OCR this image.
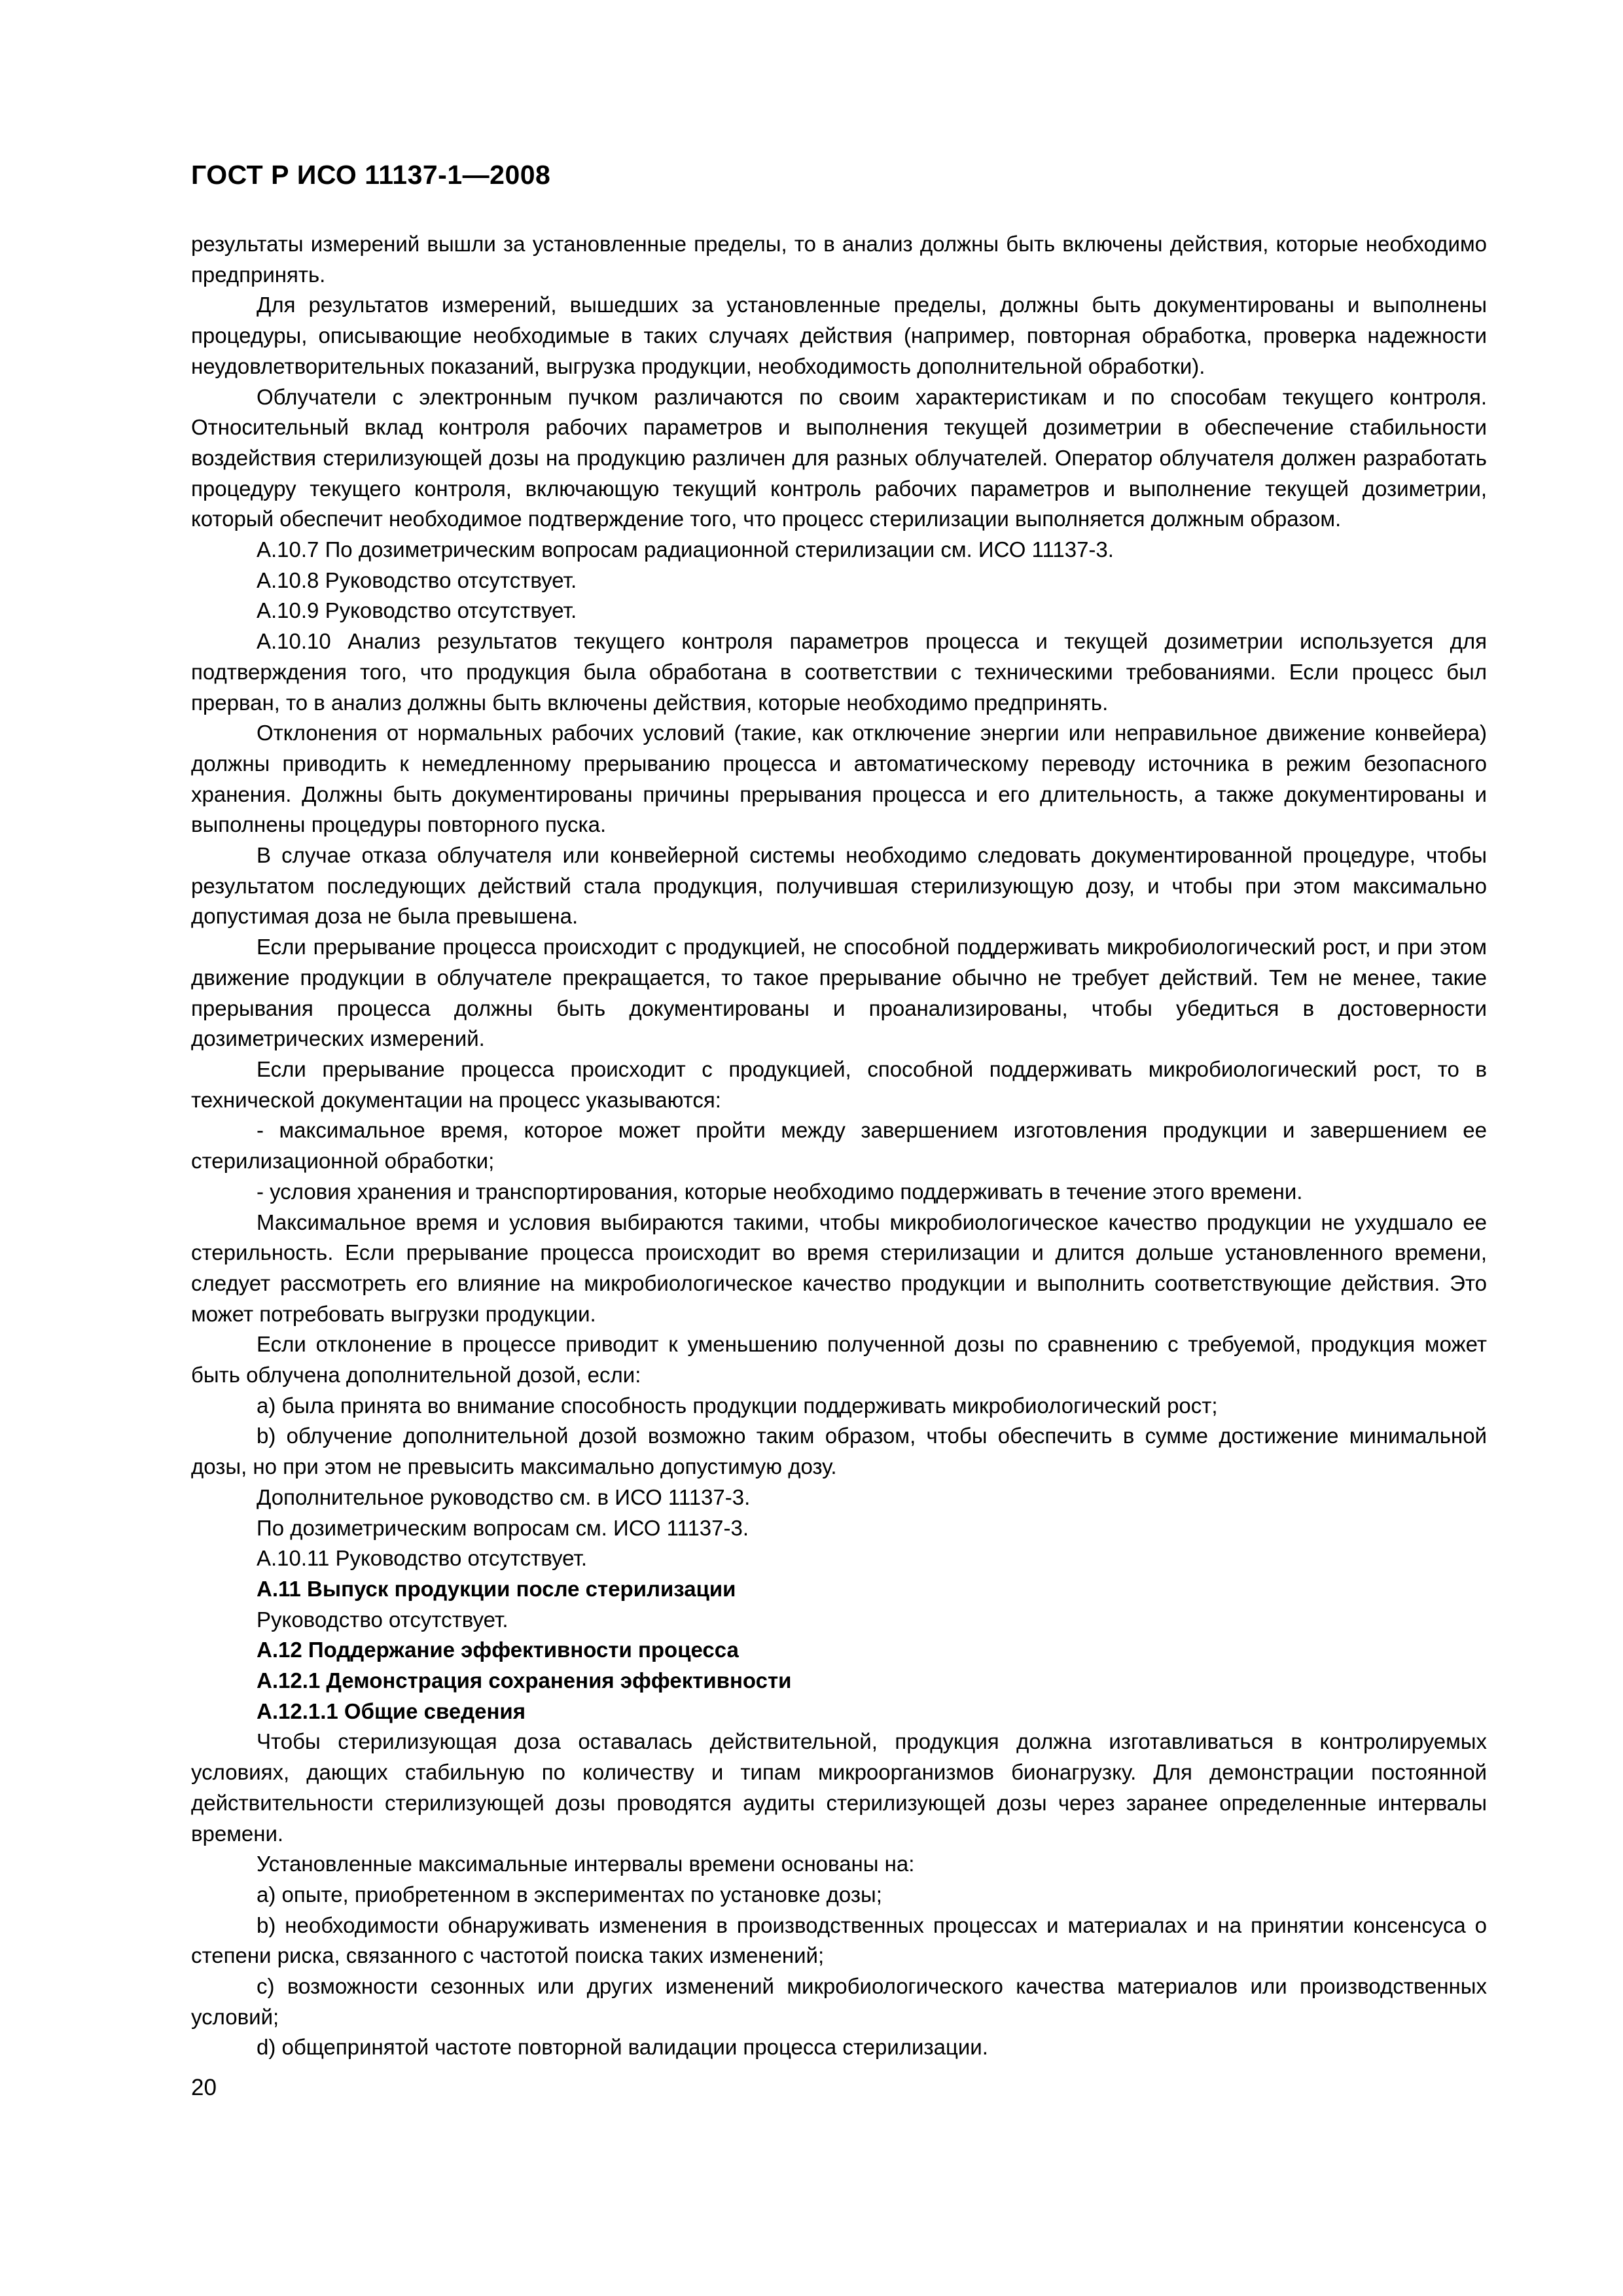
ГОСТ Р ИСО 11137-1—2008

результаты измерений вышли за установленные пределы, то в анализ должны быть включены действия, которые необходимо предпринять.

Для результатов измерений, вышедших за установленные пределы, должны быть документированы и выполнены процедуры, описывающие необходимые в таких случаях действия (например, повторная обработка, проверка надежности неудовлетворительных показаний, выгрузка продукции, необходимость дополнительной обработки).

Облучатели с электронным пучком различаются по своим характеристикам и по способам текущего контроля. Относительный вклад контроля рабочих параметров и выполнения текущей дозиметрии в обеспечение стабильности воздействия стерилизующей дозы на продукцию различен для разных облучателей. Оператор облучателя должен разработать процедуру текущего контроля, включающую текущий контроль рабочих параметров и выполнение текущей дозиметрии, который обеспечит необходимое подтверждение того, что процесс стерилизации выполняется должным образом.

А.10.7 По дозиметрическим вопросам радиационной стерилизации см. ИСО 11137-3.

А.10.8 Руководство отсутствует.

А.10.9 Руководство отсутствует.

А.10.10 Анализ результатов текущего контроля параметров процесса и текущей дозиметрии используется для подтверждения того, что продукция была обработана в соответствии с техническими требованиями. Если процесс был прерван, то в анализ должны быть включены действия, которые необходимо предпринять.

Отклонения от нормальных рабочих условий (такие, как отключение энергии или неправильное движение конвейера) должны приводить к немедленному прерыванию процесса и автоматическому переводу источника в режим безопасного хранения. Должны быть документированы причины прерывания процесса и его длительность, а также документированы и выполнены процедуры повторного пуска.

В случае отказа облучателя или конвейерной системы необходимо следовать документированной процедуре, чтобы результатом последующих действий стала продукция, получившая стерилизующую дозу, и чтобы при этом максимально допустимая доза не была превышена.

Если прерывание процесса происходит с продукцией, не способной поддерживать микробиологический рост, и при этом движение продукции в облучателе прекращается, то такое прерывание обычно не требует действий. Тем не менее, такие прерывания процесса должны быть документированы и проанализированы, чтобы убедиться в достоверности дозиметрических измерений.

Если прерывание процесса происходит с продукцией, способной поддерживать микробиологический рост, то в технической документации на процесс указываются:

- максимальное время, которое может пройти между завершением изготовления продукции и завершением ее стерилизационной обработки;

- условия хранения и транспортирования, которые необходимо поддерживать в течение этого времени.

Максимальное время и условия выбираются такими, чтобы микробиологическое качество продукции не ухудшало ее стерильность. Если прерывание процесса происходит во время стерилизации и длится дольше установленного времени, следует рассмотреть его влияние на микробиологическое качество продукции и выполнить соответствующие действия. Это может потребовать выгрузки продукции.

Если отклонение в процессе приводит к уменьшению полученной дозы по сравнению с требуемой, продукция может быть облучена дополнительной дозой, если:

a) была принята во внимание способность продукции поддерживать микробиологический рост;

b) облучение дополнительной дозой возможно таким образом, чтобы обеспечить в сумме достижение минимальной дозы, но при этом не превысить максимально допустимую дозу.

Дополнительное руководство см. в ИСО 11137-3.

По дозиметрическим вопросам см. ИСО 11137-3.

А.10.11 Руководство отсутствует.

А.11 Выпуск продукции после стерилизации

Руководство отсутствует.

А.12 Поддержание эффективности процесса

А.12.1 Демонстрация сохранения эффективности

А.12.1.1 Общие сведения

Чтобы стерилизующая доза оставалась действительной, продукция должна изготавливаться в контролируемых условиях, дающих стабильную по количеству и типам микроорганизмов бионагрузку. Для демонстрации постоянной действительности стерилизующей дозы проводятся аудиты стерилизующей дозы через заранее определенные интервалы времени.

Установленные максимальные интервалы времени основаны на:

a) опыте, приобретенном в экспериментах по установке дозы;

b) необходимости обнаруживать изменения в производственных процессах и материалах и на принятии консенсуса о степени риска, связанного с частотой поиска таких изменений;

c) возможности сезонных или других изменений микробиологического качества материалов или производственных условий;

d) общепринятой частоте повторной валидации процесса стерилизации.

20
